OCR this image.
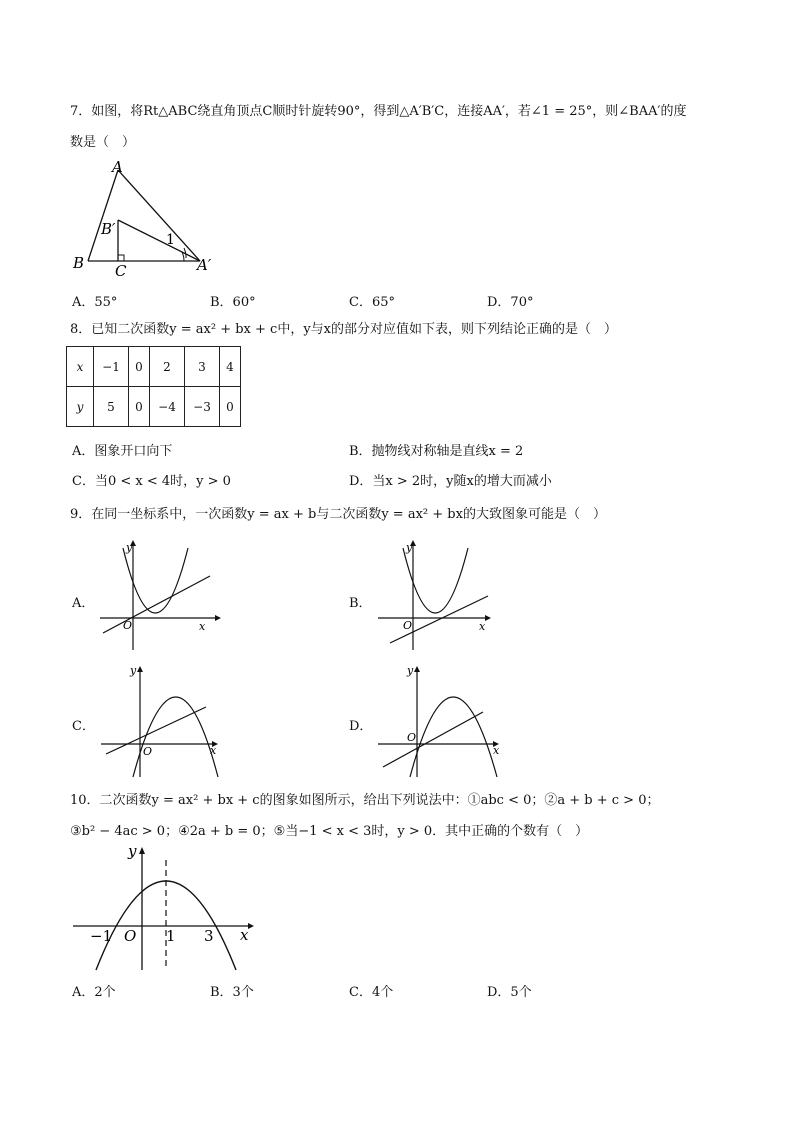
7．如图，将Rt△ABC绕直角顶点C顺时针旋转90°，得到△A′B′C，连接AA′，若∠1 = 25°，则∠BAA′的度
数是（　）
A
B C
B′
A′
1
A．55°	B．60°	C．65°	D．70°
8．已知二次函数y = ax² + bx + c中，y与x的部分对应值如下表，则下列结论正确的是（　）
x	−1	0	2	3	4
y	5	0	−4	−3	0
A．图象开口向下	B．抛物线对称轴是直线x = 2
C．当0 < x < 4时，y > 0	D．当x > 2时，y随x的增大而减小
9．在同一坐标系中，一次函数y = ax + b与二次函数y = ax² + bx的大致图象可能是（　）
A．
O	x
y
B．
O	x
y
C．
O	x
y
D．
O
x
y
10．二次函数y = ax² + bx + c的图象如图所示，给出下列说法中：①abc < 0；②a + b + c > 0；
③b² − 4ac > 0；④2a + b = 0；⑤当−1 < x < 3时，y > 0．其中正确的个数有（　）
y
x
O
−1	1 3
A．2个	B．3个	C．4个	D．5个
